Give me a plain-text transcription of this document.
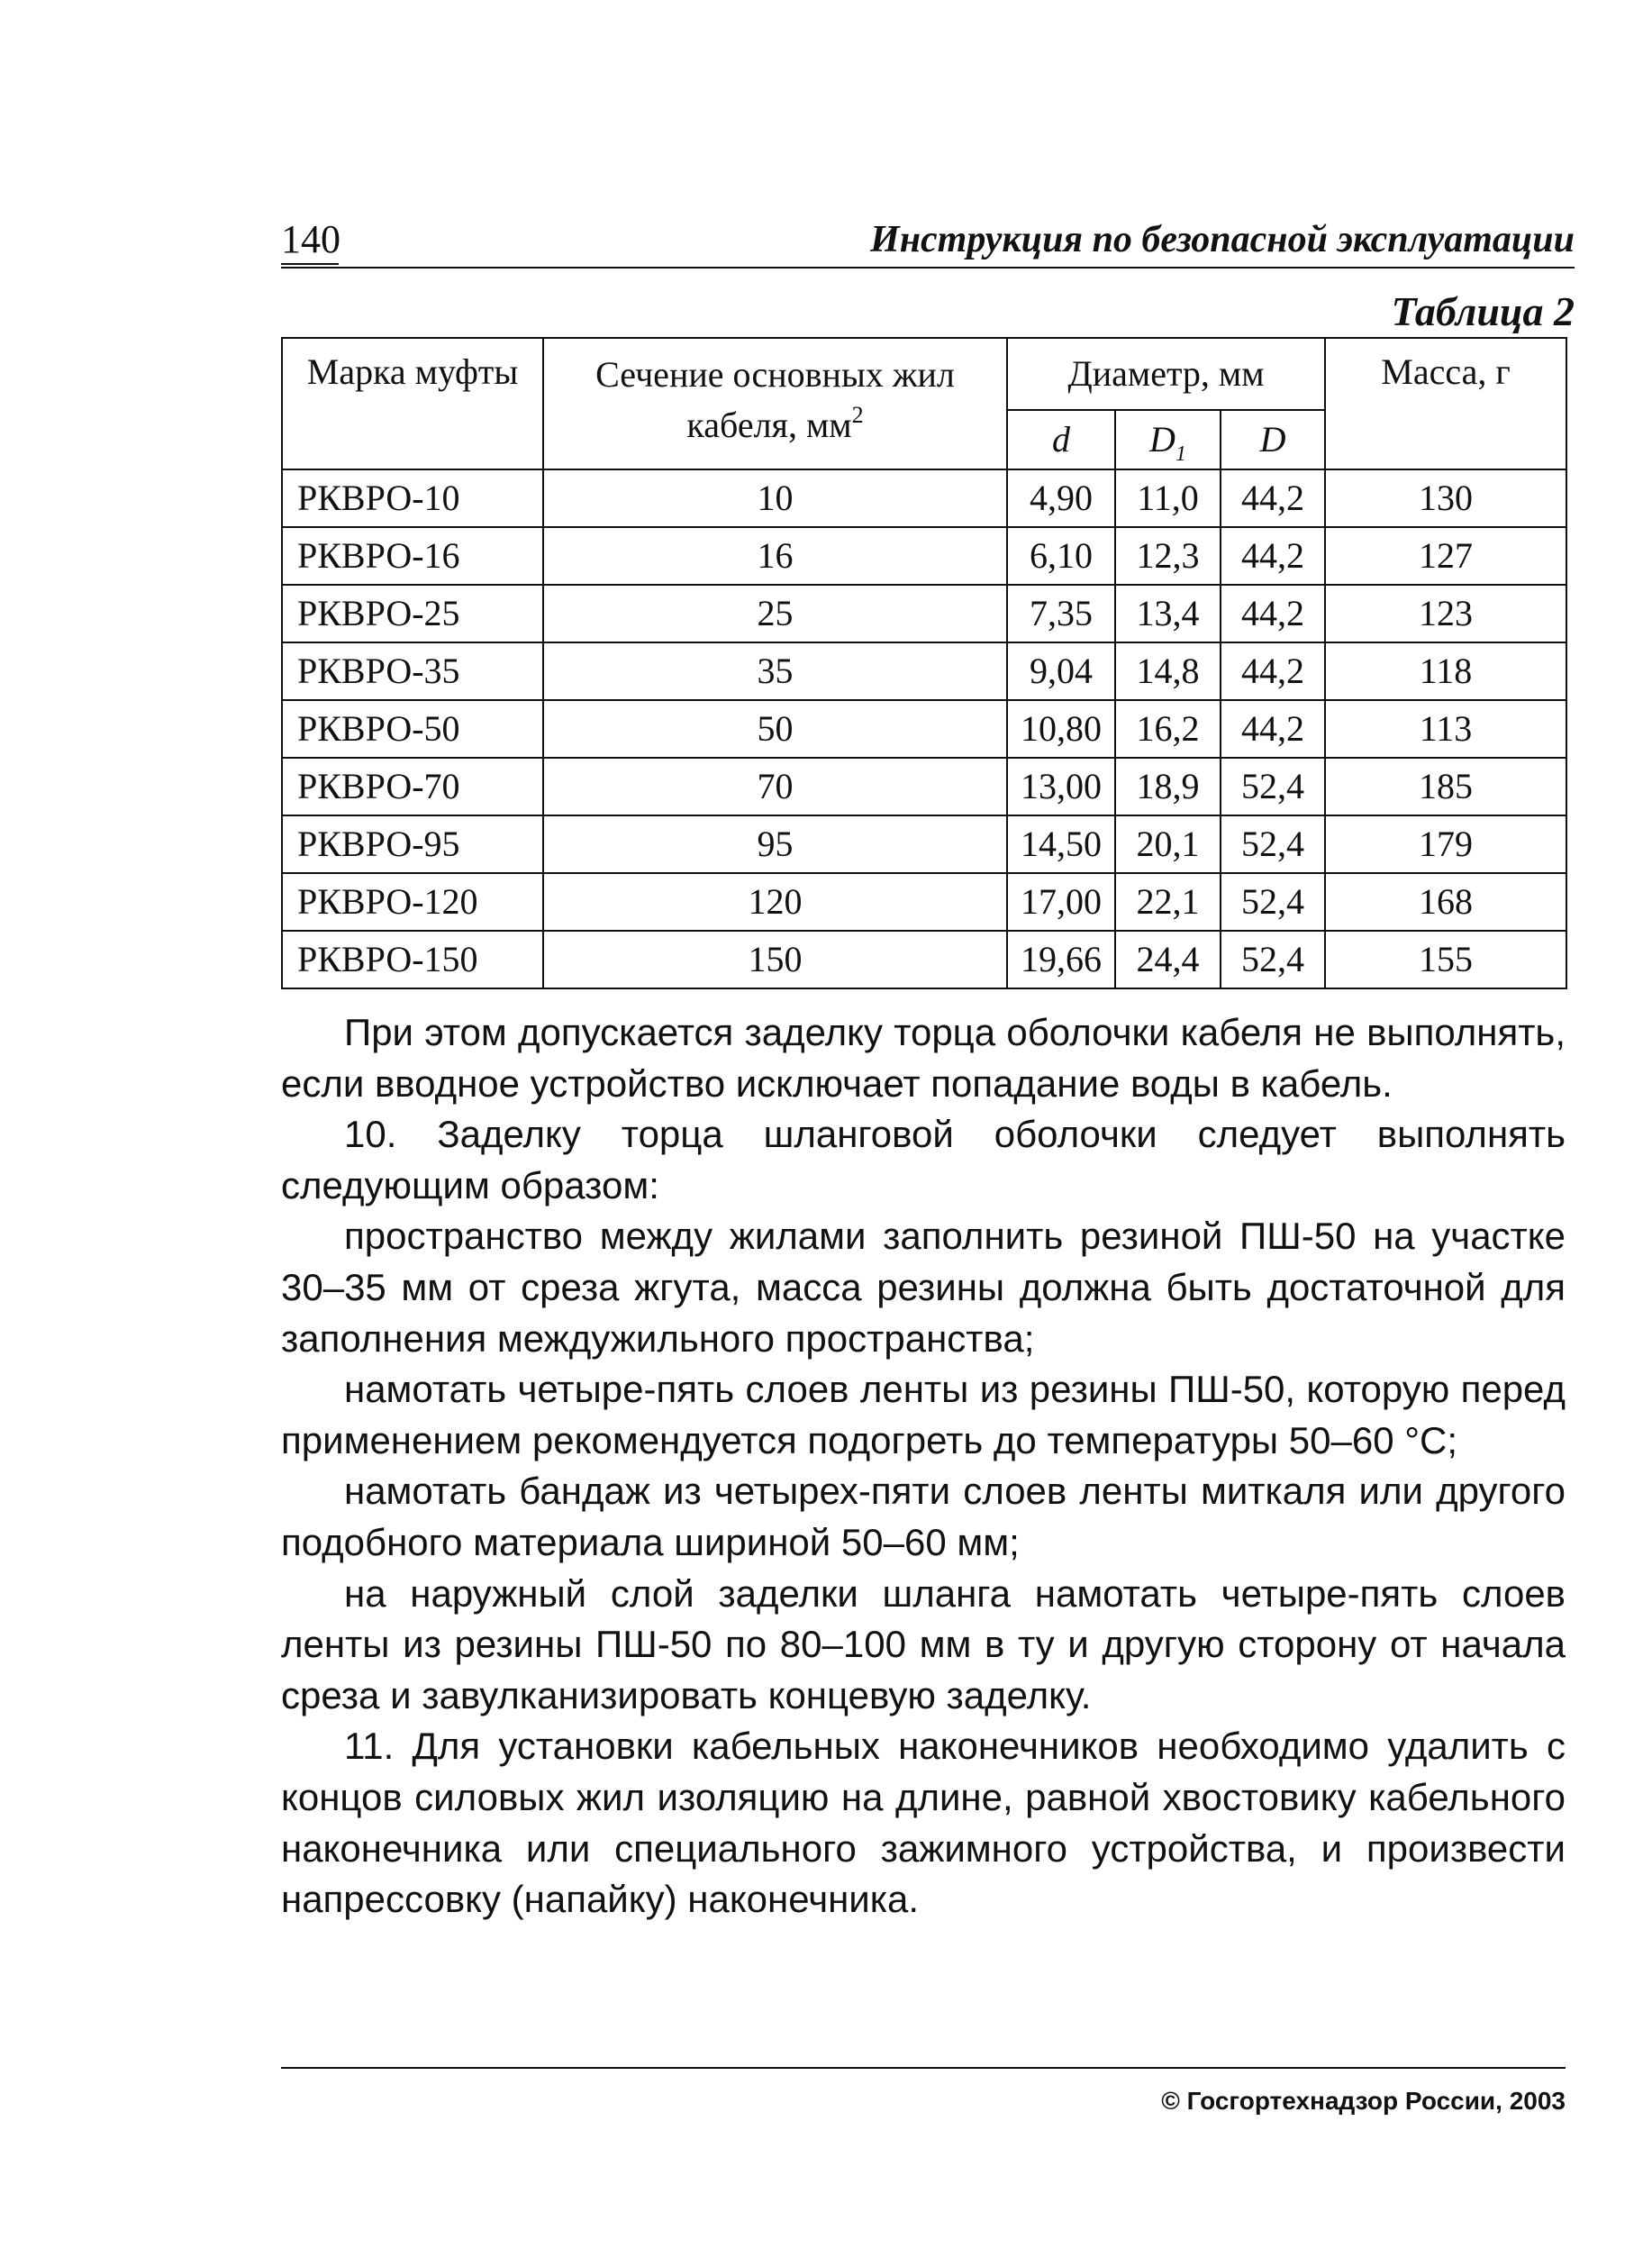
140	Инструкция по безопасной эксплуатации
Таблица 2
Марка муфты	Сечение основных жил кабеля, $мм^2$	Диаметр, мм			Масса, г
		d	$D_1$	D	
РКВРО-10	10	4,90	11,0	44,2	130
РКВРО-16	16	6,10	12,3	44,2	127
РКВРО-25	25	7,35	13,4	44,2	123
РКВРО-35	35	9,04	14,8	44,2	118
РКВРО-50	50	10,80	16,2	44,2	113
РКВРО-70	70	13,00	18,9	52,4	185
РКВРО-95	95	14,50	20,1	52,4	179
РКВРО-120	120	17,00	22,1	52,4	168
РКВРО-150	150	19,66	24,4	52,4	155

При этом допускается заделку торца оболочки кабеля не выполнять, если вводное устройство исключает попадание воды в кабель.

10. Заделку торца шланговой оболочки следует выполнять следующим образом:

пространство между жилами заполнить резиной ПШ-50 на участке 30–35 мм от среза жгута, масса резины должна быть достаточной для заполнения междужильного пространства;

намотать четыре-пять слоев ленты из резины ПШ-50, которую перед применением рекомендуется подогреть до температуры 50–60 °С;

намотать бандаж из четырех-пяти слоев ленты миткаля или другого подобного материала шириной 50–60 мм;

на наружный слой заделки шланга намотать четыре-пять слоев ленты из резины ПШ-50 по 80–100 мм в ту и другую сторону от начала среза и завулканизировать концевую заделку.

11. Для установки кабельных наконечников необходимо удалить с концов силовых жил изоляцию на длине, равной хвостовику кабельного наконечника или специального зажимного устройства, и произвести напрессовку (напайку) наконечника.

© Госгортехнадзор России, 2003
